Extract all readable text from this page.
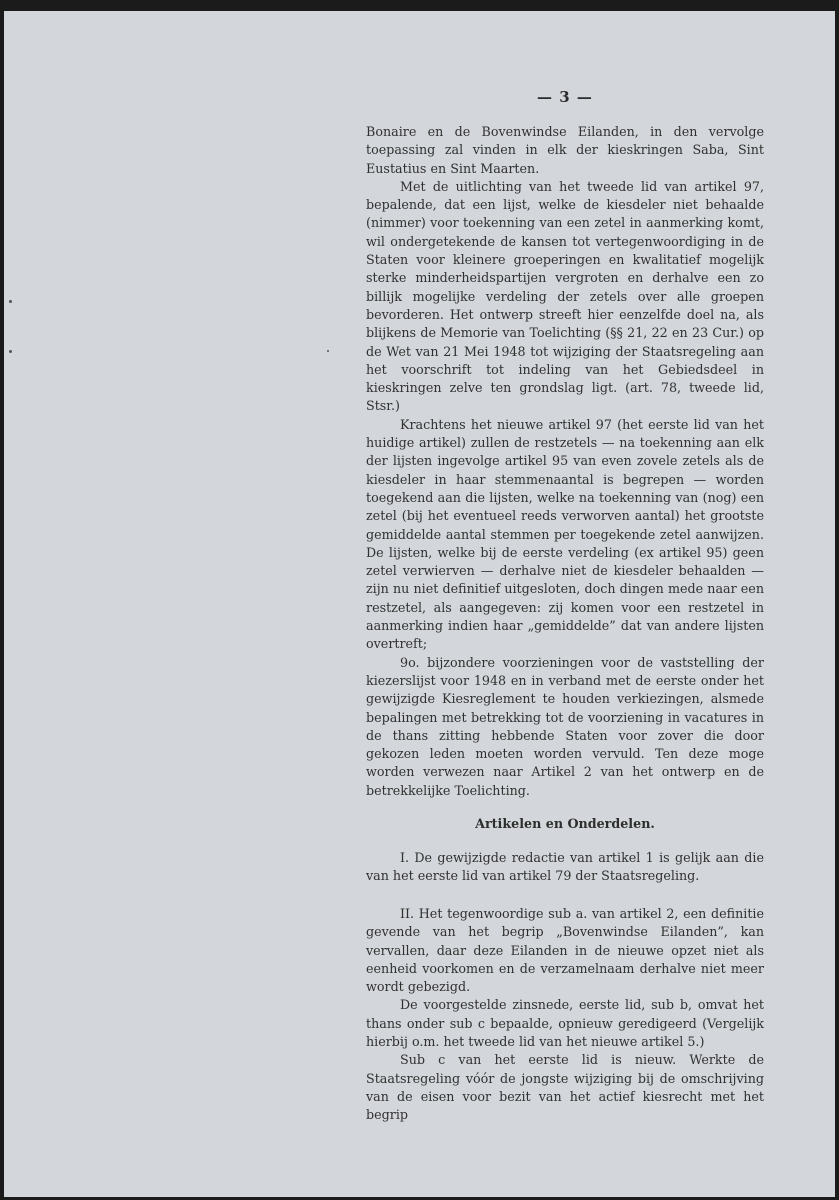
— 3 —

Bonaire en de Bovenwindse Eilanden, in den vervolge toepassing zal vinden in elk der kieskringen Saba, Sint Eustatius en Sint Maarten.

Met de uitlichting van het tweede lid van artikel 97, bepalende, dat een lijst, welke de kiesdeler niet behaalde (nimmer) voor toekenning van een zetel in aanmerking komt, wil ondergetekende de kansen tot vertegenwoordiging in de Staten voor kleinere groeperingen en kwalitatief mogelijk sterke minderheidspartijen vergroten en derhalve een zo billijk mogelijke verdeling der zetels over alle groepen bevorderen. Het ontwerp streeft hier eenzelfde doel na, als blijkens de Memorie van Toelichting (§§ 21, 22 en 23 Cur.) op de Wet van 21 Mei 1948 tot wijziging der Staatsregeling aan het voorschrift tot indeling van het Gebiedsdeel in kieskringen zelve ten grondslag ligt. (art. 78, tweede lid, Stsr.)

Krachtens het nieuwe artikel 97 (het eerste lid van het huidige artikel) zullen de restzetels — na toekenning aan elk der lijsten ingevolge artikel 95 van even zovele zetels als de kiesdeler in haar stemmenaantal is begrepen — worden toegekend aan die lijsten, welke na toekenning van (nog) een zetel (bij het eventueel reeds verworven aantal) het grootste gemiddelde aantal stemmen per toegekende zetel aanwijzen. De lijsten, welke bij de eerste verdeling (ex artikel 95) geen zetel verwierven — derhalve niet de kiesdeler behaalden — zijn nu niet definitief uitgesloten, doch dingen mede naar een restzetel, als aangegeven: zij komen voor een restzetel in aanmerking indien haar „gemiddelde” dat van andere lijsten overtreft;

9o. bijzondere voorzieningen voor de vaststelling der kiezerslijst voor 1948 en in verband met de eerste onder het gewijzigde Kiesreglement te houden verkiezingen, alsmede bepalingen met betrekking tot de voorziening in vacatures in de thans zitting hebbende Staten voor zover die door gekozen leden moeten worden vervuld. Ten deze moge worden verwezen naar Artikel 2 van het ontwerp en de betrekkelijke Toelichting.

Artikelen en Onderdelen.

I. De gewijzigde redactie van artikel 1 is gelijk aan die van het eerste lid van artikel 79 der Staatsregeling.

II. Het tegenwoordige sub a. van artikel 2, een definitie gevende van het begrip „Bovenwindse Eilanden”, kan vervallen, daar deze Eilanden in de nieuwe opzet niet als eenheid voorkomen en de verzamelnaam derhalve niet meer wordt gebezigd.

De voorgestelde zinsnede, eerste lid, sub b, omvat het thans onder sub c bepaalde, opnieuw geredigeerd (Vergelijk hierbij o.m. het tweede lid van het nieuwe artikel 5.)

Sub c van het eerste lid is nieuw. Werkte de Staatsregeling vóór de jongste wijziging bij de omschrijving van de eisen voor bezit van het actief kiesrecht met het begrip
